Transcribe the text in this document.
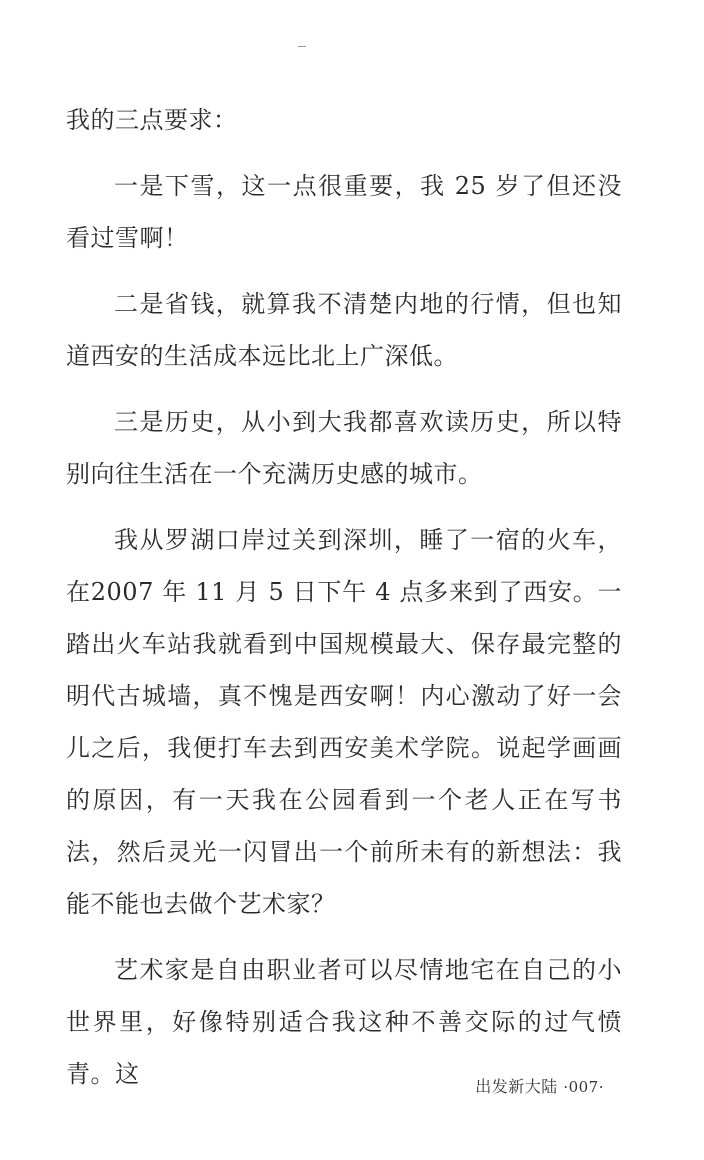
我的三点要求：

一是下雪，这一点很重要，我 25 岁了但还没看过雪啊！

二是省钱，就算我不清楚内地的行情，但也知道西安的生活成本远比北上广深低。

三是历史，从小到大我都喜欢读历史，所以特别向往生活在一个充满历史感的城市。

我从罗湖口岸过关到深圳，睡了一宿的火车，在2007 年 11 月 5 日下午 4 点多来到了西安。一踏出火车站我就看到中国规模最大、保存最完整的明代古城墙，真不愧是西安啊！内心激动了好一会儿之后，我便打车去到西安美术学院。说起学画画的原因，有一天我在公园看到一个老人正在写书法，然后灵光一闪冒出一个前所未有的新想法：我能不能也去做个艺术家？

艺术家是自由职业者可以尽情地宅在自己的小世界里，好像特别适合我这种不善交际的过气愤青。这	出发新大陆 ·007·
